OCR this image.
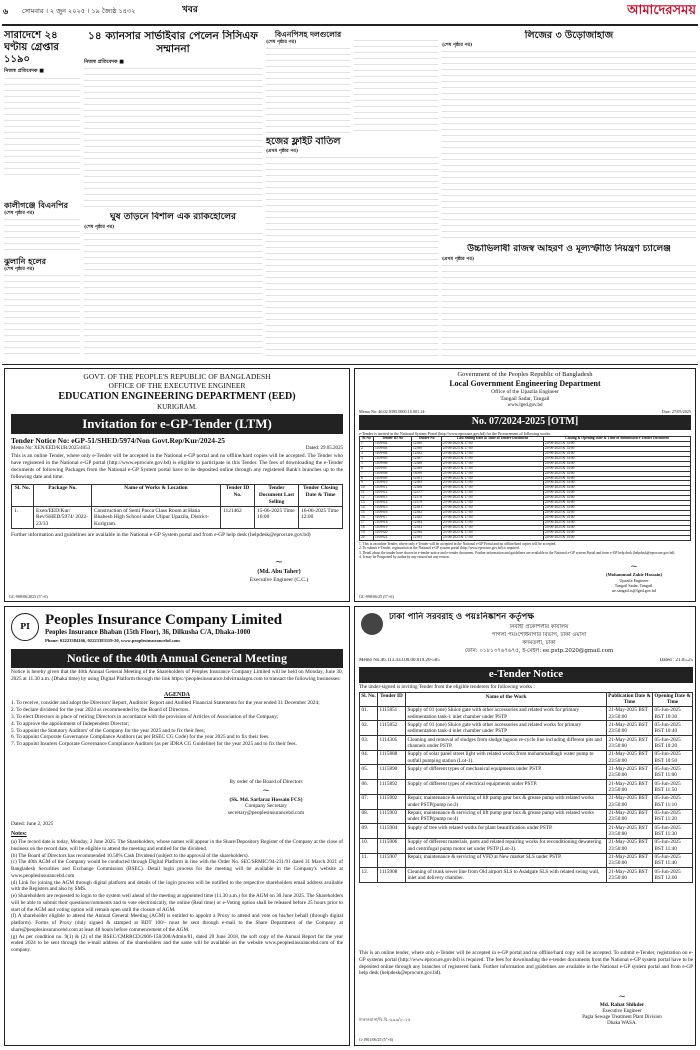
৬ সোমবার । ২ জুন ২০২৫ । ১৯ জ্যৈষ্ঠ ১৪৩২	খবর	আমাদেরসময়
সারাদেশে ২৪ ঘণ্টায় গ্রেপ্তার ১১৯০
নিজস্ব প্রতিবেদক ■
কালীগঞ্জে বিএনপির
(শেষ পৃষ্ঠার পর)
ঝুলানি হলের
(শেষ পৃষ্ঠার পর)
১৪ ক্যানসার সার্ভাইবার পেলেন সিসিএফ সম্মাননা
নিজস্ব প্রতিবেদক ■
ঘুষ তাড়নে বিশাল এক র‍্যাকহোলের
(শেষ পৃষ্ঠার পর)
বিএনপিসহ দলগুলোর
(শেষ পৃষ্ঠার পর)
হজের ফ্লাইট বাতিল
(প্রথম পৃষ্ঠার পর)
লিজের ৩ উড়োজাহাজ
(শেষ পৃষ্ঠার পর)
উচ্চাভিলাষী রাজস্ব আহরণ ও মূল্যস্ফীতি নিয়ন্ত্রণ চ্যালেঞ্জ
(প্রথম পৃষ্ঠার পর)
GOVT. OF THE PEOPLE'S REPUBLIC OF BANGLADESH
OFFICE OF THE EXECUTIVE ENGINEER
EDUCATION ENGINEERING DEPARTMENT (EED)
KURIGRAM.
Invitation for e-GP-Tender (LTM)
Tender Notice No: eGP-51/SHED/5974/Non Govt.Rep/Kur/2024-25
Memo No: XEN/EED/KUR/2025/4053	Dated: 29.05.2025
This is an online Tender, where only e-Tender will be accepted in the National e-GP portal and no offline/hard copies will be accepted. The Tender who have registered in the National e-GP portal (http://www.eprocure.gov.bd) is eligible to participate in this Tender. The fees of downloading the e-Tender documents of following Packages from the National e-GP System portal have to be deposited online through any registered Bank's branches up to the following date and time.
Sl. No.	Package No.	Name of Works & Location	Tender ID No.	Tender Document Last Selling	Tender Closing Date & Time
1.	Exen/EED/Kur/ Rev/SHED/5974/ 2022-23/33	Construction of Semi Pacca Class Room at Hatia Bhabesh High School under Ulipur Upazila, District-Kurigram.	1121462	15-06-2025 Time 16:00	16-06-2025 Time 12:00
Further information and guidelines are available in the National e-GP System portal and from e-GP help desk (helpdesk@eprocure.gov.bd)
~
(Md. Abu Taher)
Executive Engineer (C.C.)
GC-908/06/2025 (5"×6)
Government of the Peoples Republic of Bangladesh
Local Government Engineering Department
Office of the Upazila Engineer
Tangail Sadar, Tangail
www.lged.gov.bd
Memo No: 46.02.9395.0000.16.001.14-	Date: 27/05/2025
No. 07/2024-2025 [OTM]
e-Tender is invited in the National System Portal (http://www.eprocure.gov.bd) for the Procurement of following works.
SI No	Tender ID No	Tender No	Last Selling Date & Time of Tender Document	Closing & Opening Date & Time of Submission e-Tender Document
1	1109902	12380	23-06-2025 & 17:00	24-06-2025 & 14:00
2	1109903	12390	23-06-2025 & 17:00	24-06-2025 & 14:00
3	1109904	12392	23-06-2025 & 17:00	24-06-2025 & 14:00
4	1109905	12387	23-06-2025 & 17:00	24-06-2025 & 14:00
5	1109906	12388	23-06-2025 & 17:00	24-06-2025 & 14:00
6	1109907	12389	23-06-2025 & 17:00	24-06-2025 & 14:00
7	1109908	16590	23-06-2025 & 17:00	24-06-2025 & 14:00
8	1109909	12391	23-06-2025 & 17:00	24-06-2025 & 14:00
9	1109910	12385	23-06-2025 & 17:00	24-06-2025 & 14:00
10	1109911	12386	23-06-2025 & 17:00	24-06-2025 & 14:00
11	1109912	12377	23-06-2025 & 17:00	24-06-2025 & 14:00
12	1109913	12378	23-06-2025 & 17:00	24-06-2025 & 14:00
13	1109914	12379	23-06-2025 & 17:00	24-06-2025 & 14:00
14	1109915	12381	23-06-2025 & 17:00	24-06-2025 & 14:00
15	1109916	12382	23-06-2025 & 17:00	24-06-2025 & 14:00
16	1109917	12383	23-06-2025 & 17:00	24-06-2025 & 14:00
17	1109918	12384	23-06-2025 & 17:00	24-06-2025 & 14:00
18	1109919	12393	23-06-2025 & 17:00	24-06-2025 & 14:00
19	1109920	12394	23-06-2025 & 17:00	24-06-2025 & 14:00
20	1109921	12395	23-06-2025 & 17:00	24-06-2025 & 14:00
1. This is an online Tender, where only e-Tender will be accepted in the National e-GP Portal and no offline/hard copies will be accepted.
2. To submit e-Tender, registration in the National e-GP system portal (http://www.eprocure.gov.bd) is required.
3. Detail about the tender have shown in e-tender notice and e-tender document. Further information and guidelines are available in the National e-GP system Portal and from e-GP help desk (helpdesk@eprocure.gov.bd).
4. It may be Postponed by authority any reason/not any reason.
~
(Mohammad Zakir Hossain)
Upazila Engineer
Tangail Sadar, Tangail.
ue.sangail.ts@lged.gov.bd
GC-998/06/25 (5"×6)
PI	Peoples Insurance Company Limited
Peoples Insurance Bhaban (15th Floor), 36, Dilkusha C/A, Dhaka-1000
Phone: 02223384166, 02223383119-20, www.peoplesinsurancebd.com
Notice of the 40th Annual General Meeting
Notice is hereby given that the 40th Annual General Meeting of the Shareholders of Peoples Insurance Company Limited will be held on Monday, June 30, 2025 at 11.30 a.m. (Dhaka time) by using Digital Platform through the link https://peoplesinsurance.bdvirtualagm.com to transact the following businesses:
AGENDA
1. To receive, consider and adopt the Directors' Report, Auditors' Report and Audited Financial Statements for the year ended 31 December 2024;
2. To declare dividend for the year 2024 as recommended by the Board of Directors.
3. To elect Directors in place of retiring Directors in accordance with the provision of Articles of Association of the Company;
4. To approve the appointment of Independent Director;
5. To appoint the Statutory Auditors' of the Company for the year 2025 and to fix their fees;
6. To appoint Corporate Governance Compliance Auditors (as per BSEC CG Code) for the year 2025 and to fix their fees.
7. To appoint Insurers Corporate Governance Compliance Auditors (as per IDRA CG Guideline) for the year 2025 and to fix their fees.
By order of the Board of Directors
~
(Sk. Md. Sarfaraz Hossain FCS)
Company Secretary
secretary@peoplesinsurancebd.com
Dated: June 2, 2025
Notes:
(a) The record date is today, Monday, 2 June 2025. The Shareholders, whose names will appear in the Share/Depository Register of the Company at the close of business on the record date, will be eligible to attend the meeting and entitled for the dividend.
(b) The Board of Directors has recommended 10.50% Cash Dividend (subject to the approval of the shareholders).
(c) The 40th AGM of the Company would be conducted through Digital Platform in line with the Order No. SEC/SRMIC/94-231/91 dated 31 March 2021 of Bangladesh Securities and Exchange Commission (BSEC). Detail login process for the meeting will be available in the Company's website at www.peoplesinsurancebd.com
(d) Link for joining the AGM through digital platform and details of the login process will be notified to the respective shareholders email address available with the Registers and also by SMS.
(e) Shareholders are requested to login to the system well ahead of the meeting at appointed time (11.30 a.m.) for the AGM on 30 June 2025. The Shareholders will be able to submit their questions/comments and to vote electronically, the online (Real time) or e-Voting option shall be released before 25 hours prior to start of the AGM and voting option will remain open until the closure of AGM.
(f) A shareholder eligible to attend the Annual General Meeting (AGM) is entitled to appoint a Proxy to attend and vote on his/her behalf (through digital platform). Forms of Proxy (duly signed & stamped at BDT 100/- must be sent through e-mail to the Share Department of the Company at share@peoplesinsurancebd.com at least 48 hours before commencement of the AGM.
(g) As per condition no. 9(1) & (2) of the BSEC/CMRRCD/2006-158/208/Admin/81, dated 20 June 2018, the soft copy of the Annual Report for the year ended 2024 to be sent through the e-mail address of the shareholders and the same will be available on the website www.peoplesinsurancebd.com of the company.
ঢাকা পানি সরবরাহ ও পয়ঃনিষ্কাশন কর্তৃপক্ষ
নির্বাহী প্রকৌশলীর কার্যালয়
পাগলা পয়ঃশোধনাগার বিভাগ, ঢাকা ওয়াসা
কদমতলী, ঢাকা
ফোন: ০১৮১৩৭৬৭৬৭৫, ই-মেইল: ee.pstp.2020@gmail.com
Memo No.46.113.433.00.00.019.20-585	Dated : 21.05.25
e-Tender Notice
The under-signed is inviting Tender from the eligible tenderers for following works :
Sl. No.	Tender ID	Name of the Work	Publication Date & Time	Opening Date & Time
01.	1115851	Supply of 01 (one) Sluice gate with other accessories and related work for primary sedimentation tank-1 inlet chamber under PSTP	21-May-2025 BST 23:50:00	05-Jun-2025 BST 10:30
02.	1115852	Supply of 01 (one) Sluice gate with other accessories and related works for primary sedimentation tank-4 inlet chamber under PSTP	21-May-2025 BST 23:50:00	05-Jun-2025 BST 10:40
03.	1114305	Cleaning and removal of sludges from sludge lagoon re-cycle line including different pits and channels under PSTP.	21-May-2025 BST 23:50:00	05-Jun-2025 BST 10:20
04.	1115888	Supply of solar panel street light with related works from mohammadbagh water pump to outfall pumping station (Lot-1).	21-May-2025 BST 23:50:00	05-Jun-2025 BST 10:50
05.	1115890	Supply of different types of mechanical equipments under PSTP.	21-May-2025 BST 23:50:00	05-Jun-2025 BST 11:00
06.	1115892	Supply of different types of electrical equipments under PSTP.	21-May-2025 BST 23:50:00	05-Jun-2025 BST 11:50
07.	1115902	Repair, maintenance & servicing of lift pump gear box & grease pump with related works under PSTP(pump no:3)	21-May-2025 BST 23:50:00	05-Jun-2025 BST 11:10
08.	1115903	Repair, maintenance & servicing of lift pump gear box & grease pump with related works under PSTP(pump no:4)	21-May-2025 BST 23:50:00	05-Jun-2025 BST 11:20
09.	1115904	Supply of tree with related works for plant beautification under PSTP.	21-May-2025 BST 23:50:00	05-Jun-2025 BST 11:30
10.	1115906	Supply of different materials, parts and related repairing works for reconditioning dewatering and centrifugal pump motor set under PSTP (Lot-3).	21-May-2025 BST 23:50:00	05-Jun-2025 BST 11:40
11.	1115907	Repair, maintenance & servicing of VFD at New market SLS under PSTP.	21-May-2025 BST 23:50:00	05-Jun-2025 BST 11:40
12.	1115908	Cleaning of trunk sewer line from Old airport SLS to Asadgate SLS with related swing wall, inlet and delivery chamber.	21-May-2025 BST 23:50:00	05-Jun-2025 BST 12:00
This is an online tender, where only e-Tender will be accepted in e-GP portal and no offline/hard copy will be accepted. To submit e-Tender, registration on e-GP systems portal (http://www.eprocure.gov.bd) is required. The fees for downloading the e-tender documents from the National e-GP system portal have to be deposited online through any branches of registered bank. Further information and guidelines are available in the National e-GP system portal and from e-GP help desk (helpdesk@eprocure.gov.bd).
~
Md. Rahat Shikder
Executive Engineer
Pagla Sewage Treatment Plant Division
Dhaka WASA.
ঢাকাওয়াসা/বি.বি.-৯৯৯/২০২৫
G-1901/06/25 (5"×6)
